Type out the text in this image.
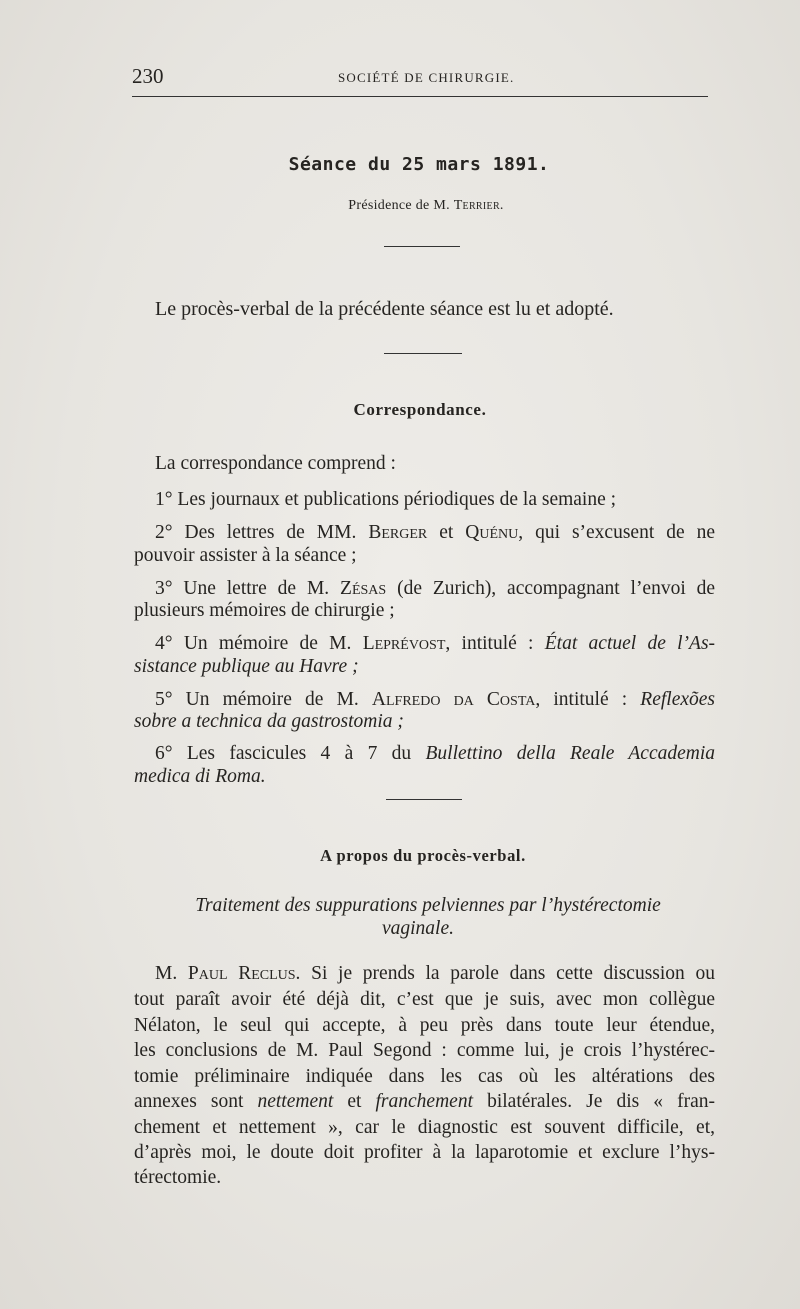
230	SOCIÉTÉ DE CHIRURGIE.
Séance du 25 mars 1891.
Présidence de M. Terrier.
Le procès-verbal de la précédente séance est lu et adopté.
Correspondance.
La correspondance comprend :
1° Les journaux et publications périodiques de la semaine ;
2° Des lettres de MM. Berger et Quénu, qui s’excusent de ne
pouvoir assister à la séance ;
3° Une lettre de M. Zésas (de Zurich), accompagnant l’envoi de
plusieurs mémoires de chirurgie ;
4° Un mémoire de M. Leprévost, intitulé : État actuel de l’As-
sistance publique au Havre ;
5° Un mémoire de M. Alfredo da Costa, intitulé : Reflexões
sobre a technica da gastrostomia ;
6° Les fascicules 4 à 7 du Bullettino della Reale Accademia
medica di Roma.
A propos du procès-verbal.
Traitement des suppurations pelviennes par l’hystérectomie
vaginale.
M. Paul Reclus. Si je prends la parole dans cette discussion ou
tout paraît avoir été déjà dit, c’est que je suis, avec mon collègue
Nélaton, le seul qui accepte, à peu près dans toute leur étendue,
les conclusions de M. Paul Segond : comme lui, je crois l’hystérec-
tomie préliminaire indiquée dans les cas où les altérations des
annexes sont nettement et franchement bilatérales. Je dis « fran-
chement et nettement », car le diagnostic est souvent difficile, et,
d’après moi, le doute doit profiter à la laparotomie et exclure l’hys-
térectomie.
